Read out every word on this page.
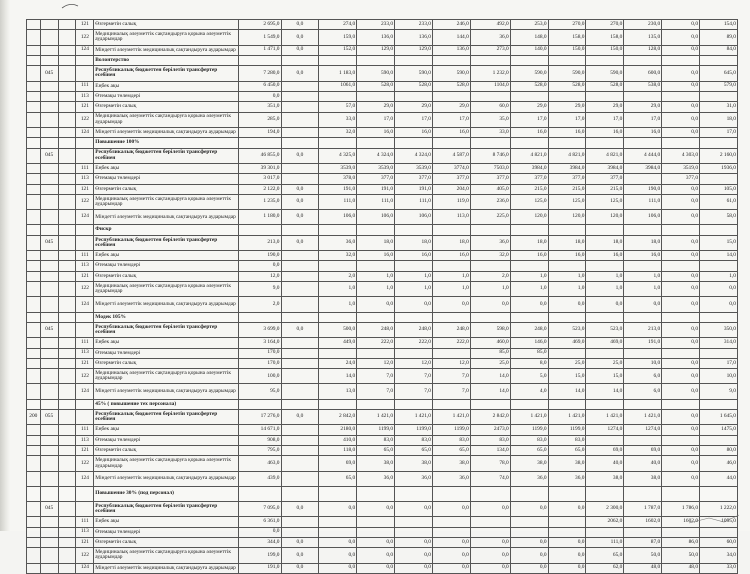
			121	Өзгерметін салық	2 695,0	0,0	274,0	233,0	233,0	246,0	492,0	253,0	270,0	270,0	230,0	0,0	154,0
			122	Медициналық әлеуметтік сақтандыруға қорына әлеуметтік аударымдар	1 549,0	0,0	159,0	136,0	136,0	144,0	36,0	148,0	158,0	158,0	135,0	0,0	89,0
			124	Міндетті әлеуметтік медициналық сақтандыруға аударымдар	1 471,0	0,0	152,0	129,0	129,0	136,0	273,0	140,0	150,0	150,0	128,0	0,0	84,0
				Волонтерство													
	045			Республикалық бюджеттен берілетін трансфертер есебінен	7 280,0	0,0	1 183,0	590,0	590,0	590,0	1 232,0	590,0	590,0	590,0	600,0	0,0	645,0
			111	Еңбек ақы	6 450,0		1061,0	528,0	528,0	528,0	1104,0	528,0	528,0	528,0	538,0	0,0	579,0
			113	Өтемақы төлемдері	0,0												
			121	Өзгерметін салық	351,0		57,0	29,0	29,0	29,0	60,0	29,0	29,0	29,0	29,0	0,0	31,0
			122	Медициналық әлеуметтік сақтандыруға қорына әлеуметтік аударымдар	285,0		33,0	17,0	17,0	17,0	35,0	17,0	17,0	17,0	17,0	0,0	18,0
			124	Міндетті әлеуметтік медициналық сақтандыруға аударымдар	194,0		32,0	16,0	16,0	16,0	33,0	16,0	16,0	16,0	16,0	0,0	17,0
				Повышение 100%													
	045			Республикалық бюджеттен берілетін трансфертер есебінен	46 855,0	0,0	4 325,0	4 324,0	4 324,0	4 587,0	8 746,0	4 821,0	4 821,0	4 821,0	4 444,0	4 303,0	2 160,0
			111	Еңбек ақы	39 301,0		3539,0	3539,0	3539,0	3774,0	7503,0	3984,0	3984,0	3984,0	3984,0	3519,0	1936,0
			113	Өтемақы төлемдері	3 017,0		378,0	377,0	377,0	377,0	377,0	377,0	377,0	377,0		377,0	
			121	Өзгерметін салық	2 122,0	0,0	191,0	191,0	191,0	204,0	405,0	215,0	215,0	215,0	190,0	0,0	105,0
			122	Медициналық әлеуметтік сақтандыруға қорына әлеуметтік аударымдар	1 235,0	0,0	111,0	111,0	111,0	119,0	236,0	125,0	125,0	125,0	111,0	0,0	61,0
			124	Міндетті әлеуметтік медициналық сақтандыруға аударымдар	1 180,0	0,0	106,0	106,0	106,0	113,0	225,0	120,0	120,0	120,0	106,0	0,0	58,0
				Фискр													
	045			Республикалық бюджеттен берілетін трансфертер есебінен	213,0	0,0	36,0	18,0	18,0	18,0	36,0	18,0	18,0	18,0	18,0	0,0	15,0
			111	Еңбек ақы	190,0		32,0	16,0	16,0	16,0	32,0	16,0	16,0	16,0	16,0	0,0	14,0
			113	Өтемақы төлемдері	0,0												
			121	Өзгерметін салық	12,0		2,0	1,0	1,0	1,0	2,0	1,0	1,0	1,0	1,0	0,0	1,0
			122	Медициналық әлеуметтік сақтандыруға қорына әлеуметтік аударымдар	9,0		1,0	1,0	1,0	1,0	1,0	1,0	1,0	1,0	1,0	0,0	0,0
			124	Міндетті әлеуметтік медициналық сақтандыруға аударымдар	2,0		1,0	0,0	0,0	0,0	0,0	0,0	0,0	0,0	0,0	0,0	0,0
				Модек 105%													
	045			Республикалық бюджеттен берілетін трансфертер есебінен	3 699,0	0,0	500,0	248,0	248,0	248,0	598,0	248,0	523,0	523,0	213,0	0,0	350,0
			111	Еңбек ақы	3 164,0		449,0	222,0	222,0	222,0	460,0	146,0	469,0	469,0	191,0	0,0	314,0
			113	Өтемақы төлемдері	170,0						85,0	85,0					
			121	Өзгерметін салық	170,0		24,0	12,0	12,0	12,0	25,0	8,0	25,0	25,0	10,0	0,0	17,0
			122	Медициналық әлеуметтік сақтандыруға қорына әлеуметтік аударымдар	100,0		14,0	7,0	7,0	7,0	14,0	5,0	15,0	15,0	6,0	0,0	10,0
			124	Міндетті әлеуметтік медициналық сақтандыруға аударымдар	95,0		13,0	7,0	7,0	7,0	14,0	4,0	14,0	14,0	6,0	0,0	9,0
				45% ( повышение тех персонала)													
200	055			Республикалық бюджеттен берілетін трансфертер есебінен	17 276,0	0,0	2 842,0	1 421,0	1 421,0	1 421,0	2 842,0	1 421,0	1 421,0	1 421,0	1 421,0	0,0	1 645,0
			111	Еңбек ақы	14 671,0		2180,0	1199,0	1199,0	1199,0	2473,0	1199,0	1199,0	1274,0	1274,0	0,0	1475,0
			113	Өтемақы төлемдері	908,0		410,0	83,0	83,0	83,0	83,0	83,0	83,0				
			121	Өзгерметін салық	795,0		118,0	65,0	65,0	65,0	134,0	65,0	65,0	69,0	69,0	0,0	80,0
			122	Медициналық әлеуметтік сақтандыруға қорына әлеуметтік аударымдар	463,0		69,0	38,0	38,0	38,0	78,0	38,0	38,0	40,0	40,0	0,0	46,0
			124	Міндетті әлеуметтік медициналық сақтандыруға аударымдар	439,0		65,0	36,0	36,0	36,0	74,0	36,0	36,0	38,0	38,0	0,0	44,0
				Повышение 30% (под персонал)													
	045			Республикалық бюджеттен берілетін трансфертер есебінен	7 095,0	0,0	0,0	0,0	0,0	0,0	0,0	0,0	0,0	2 300,0	1 787,0	1 786,0	1 222,0
			111	Еңбек ақы	6 361,0									2062,0	1602,0	1602,0	1095,0
			113	Өтемақы төлемдері	0,0												
			121	Өзгерметін салық	344,0	0,0	0,0	0,0	0,0	0,0	0,0	0,0	0,0	111,0	87,0	86,0	60,0
			122	Медициналық әлеуметтік сақтандыруға қорына әлеуметтік аударымдар	199,0	0,0	0,0	0,0	0,0	0,0	0,0	0,0	0,0	65,0	50,0	50,0	34,0
			124	Міндетті әлеуметтік медициналық сақтандыруға аударымдар	191,0	0,0	0,0	0,0	0,0	0,0	0,0	0,0	0,0	62,0	48,0	48,0	33,0
